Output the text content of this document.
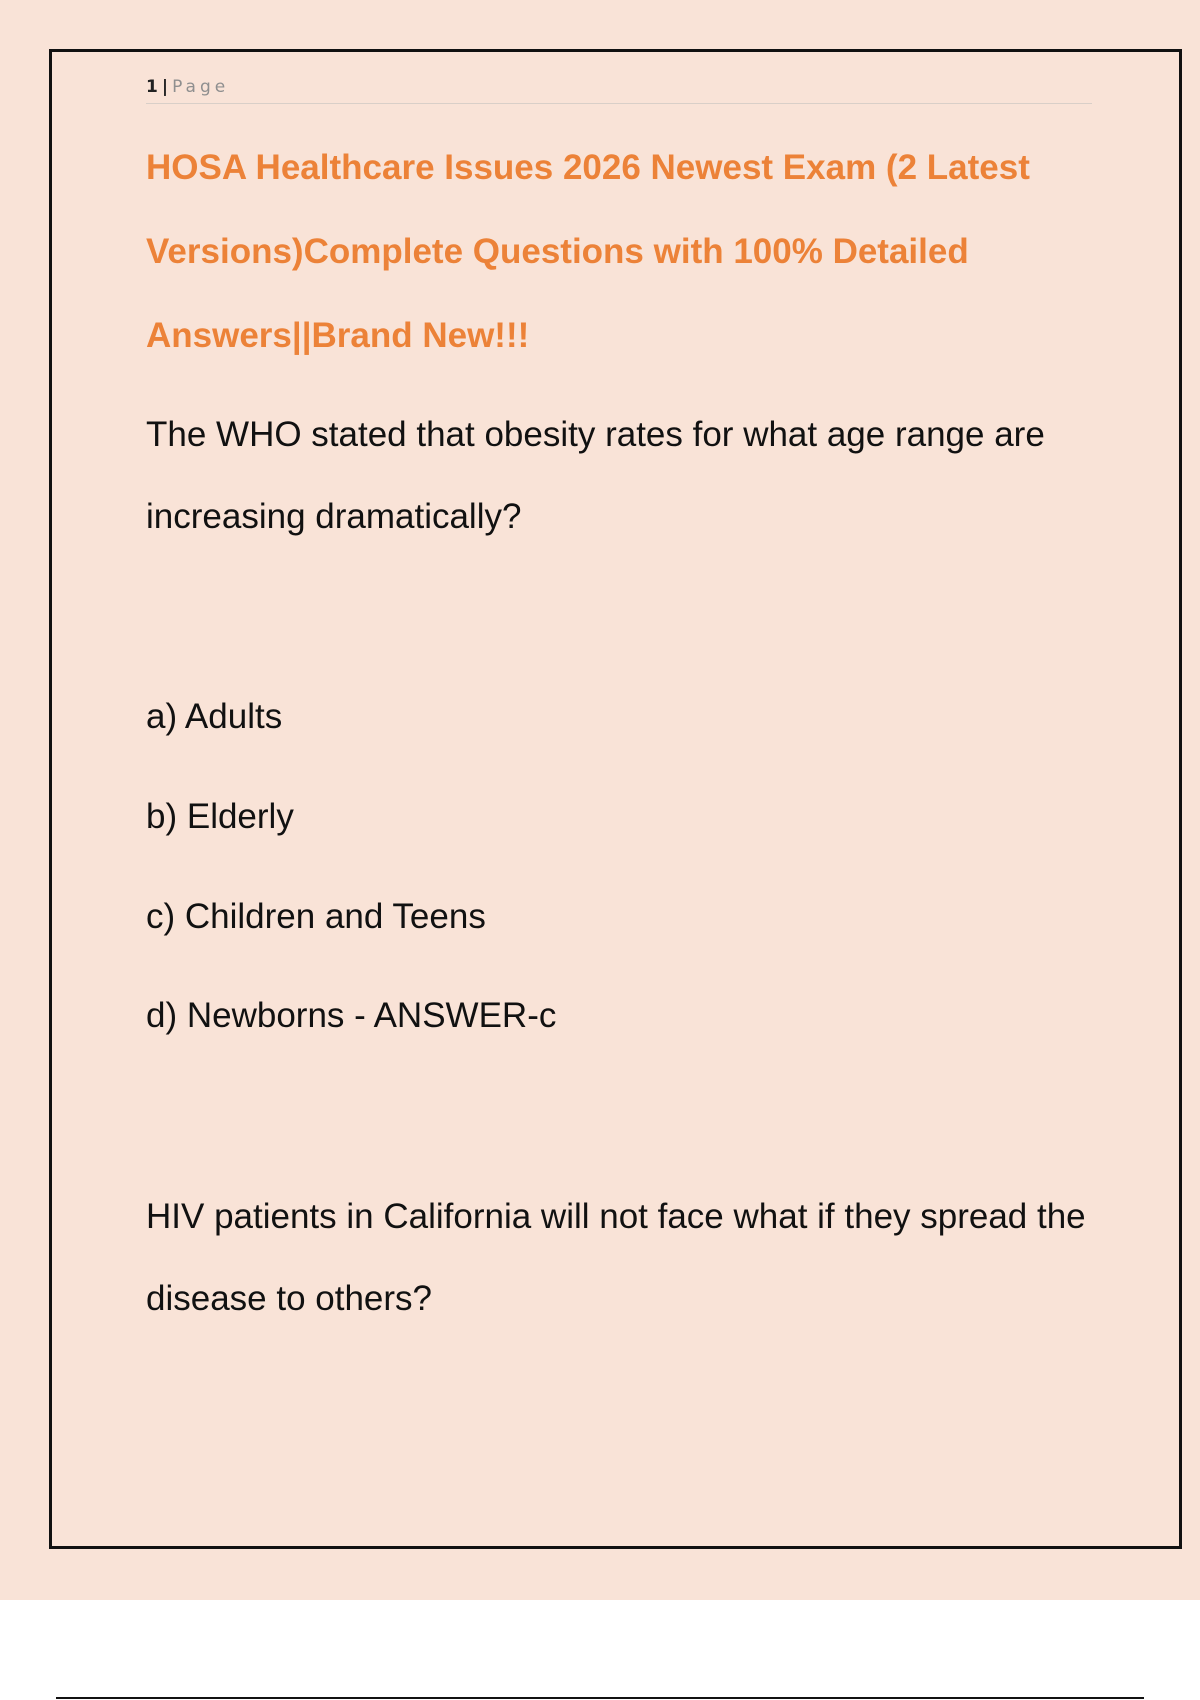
1 | Page
HOSA Healthcare Issues 2026 Newest Exam (2 Latest Versions)Complete Questions with 100% Detailed Answers||Brand New!!!

The WHO stated that obesity rates for what age range are increasing dramatically?

a) Adults

b) Elderly

c) Children and Teens

d) Newborns - ANSWER-c

HIV patients in California will not face what if they spread the disease to others?
